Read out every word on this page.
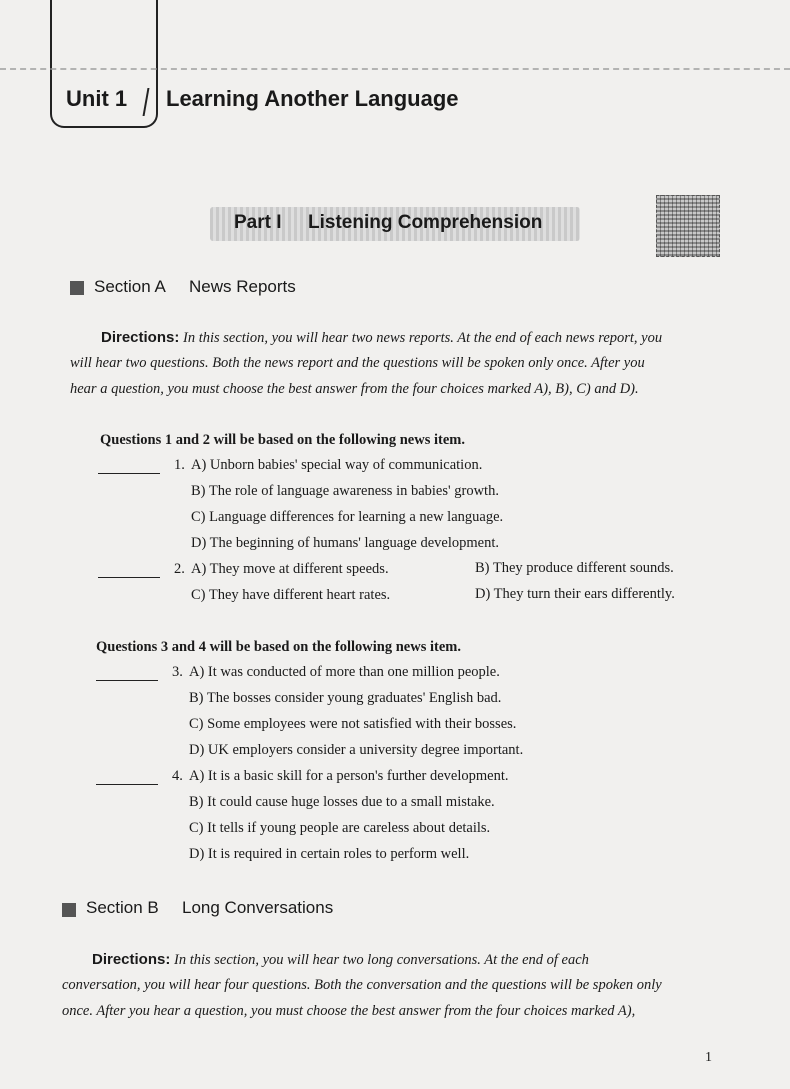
Unit 1 Learning Another Language
Part I Listening Comprehension
Section A News Reports
Directions: In this section, you will hear two news reports. At the end of each news report, you
will hear two questions. Both the news report and the questions will be spoken only once. After you
hear a question, you must choose the best answer from the four choices marked A), B), C) and D).
Questions 1 and 2 will be based on the following news item.
1. A) Unborn babies' special way of communication.
B) The role of language awareness in babies' growth.
C) Language differences for learning a new language.
D) The beginning of humans' language development.
2. A) They move at different speeds.	B) They produce different sounds.
C) They have different heart rates.	D) They turn their ears differently.
Questions 3 and 4 will be based on the following news item.
3. A) It was conducted of more than one million people.
B) The bosses consider young graduates' English bad.
C) Some employees were not satisfied with their bosses.
D) UK employers consider a university degree important.
4. A) It is a basic skill for a person's further development.
B) It could cause huge losses due to a small mistake.
C) It tells if young people are careless about details.
D) It is required in certain roles to perform well.
Section B Long Conversations
Directions: In this section, you will hear two long conversations. At the end of each
conversation, you will hear four questions. Both the conversation and the questions will be spoken only
once. After you hear a question, you must choose the best answer from the four choices marked A),
1
